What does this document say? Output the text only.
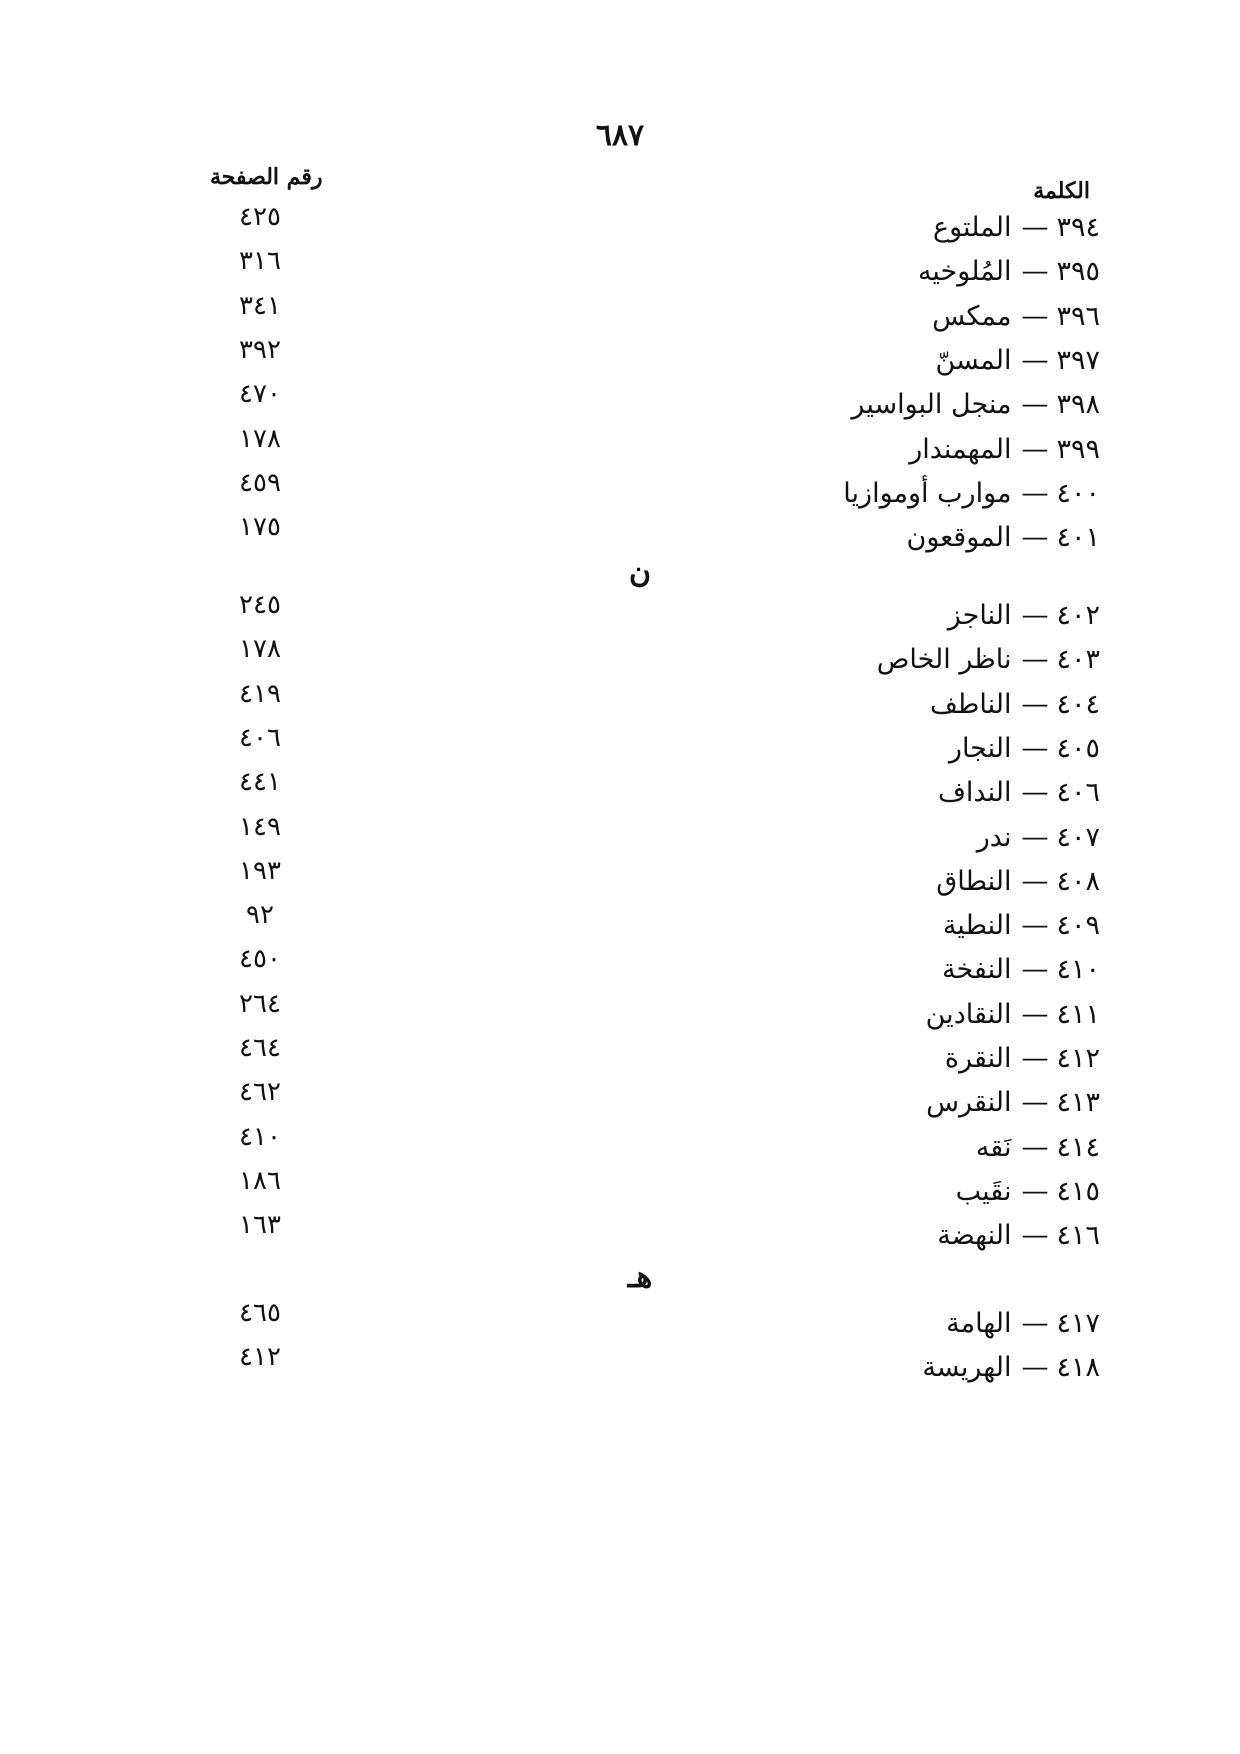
٦٨٧
الكلمة
رقم الصفحة
٣٩٤—الملتوع
٤٢٥
٣٩٥—المُلوخيه
٣١٦
٣٩٦—ممكس
٣٤١
٣٩٧—المسنّ
٣٩٢
٣٩٨—منجل البواسير
٤٧٠
٣٩٩—المهمندار
١٧٨
٤٠٠—موارب أوموازيا
٤٥٩
٤٠١—الموقعون
١٧٥
ن
٤٠٢—الناجز
٢٤٥
٤٠٣—ناظر الخاص
١٧٨
٤٠٤—الناطف
٤١٩
٤٠٥—النجار
٤٠٦
٤٠٦—النداف
٤٤١
٤٠٧—ندر
١٤٩
٤٠٨—النطاق
١٩٣
٤٠٩—النطية
٩٢
٤١٠—النفخة
٤٥٠
٤١١—النقادين
٢٦٤
٤١٢—النقرة
٤٦٤
٤١٣—النقرس
٤٦٢
٤١٤—نَقه
٤١٠
٤١٥—نقَيب
١٨٦
٤١٦—النهضة
١٦٣
هـ
٤١٧—الهامة
٤٦٥
٤١٨—الهريسة
٤١٢
